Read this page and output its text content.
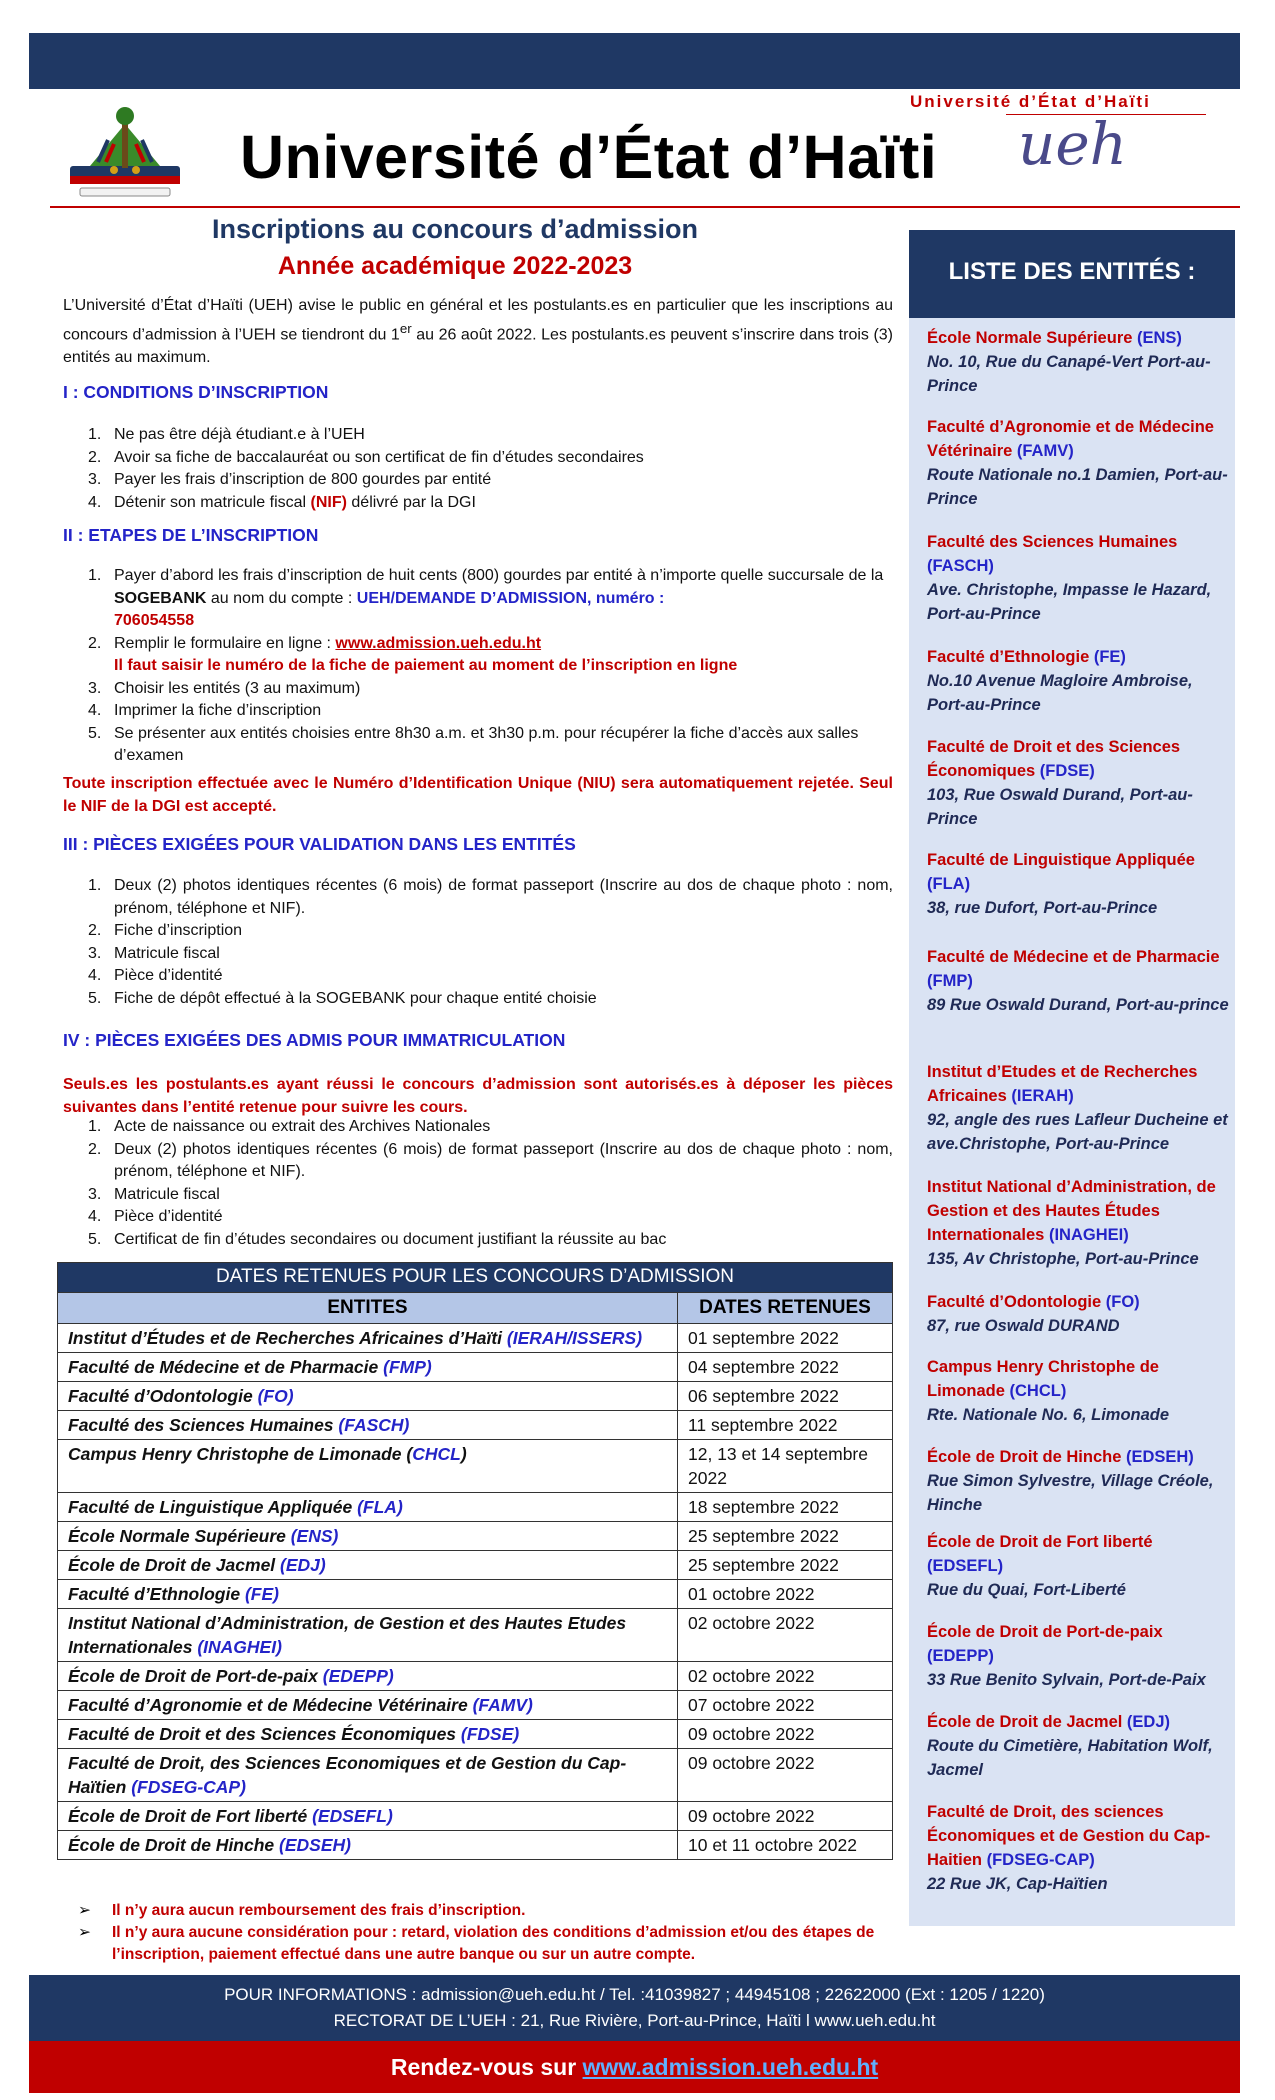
Université d’État d’Haïti
Université d’État d’Haïti
ueh
Inscriptions au concours d’admission
Année académique 2022-2023
L’Université d’État d’Haïti (UEH) avise le public en général et les postulants.es en particulier que les inscriptions au concours d’admission à l’UEH se tiendront du 1er au 26 août 2022. Les postulants.es peuvent s’inscrire dans trois (3) entités au maximum.
I : CONDITIONS D’INSCRIPTION
1. Ne pas être déjà étudiant.e à l’UEH
2. Avoir sa fiche de baccalauréat ou son certificat de fin d’études secondaires
3. Payer les frais d’inscription de 800 gourdes par entité
4. Détenir son matricule fiscal (NIF) délivré par la DGI
II : ETAPES DE L’INSCRIPTION
1. Payer d’abord les frais d’inscription de huit cents (800) gourdes par entité à n’importe quelle succursale de la SOGEBANK au nom du compte : UEH/DEMANDE D’ADMISSION, numéro :
706054558
2. Remplir le formulaire en ligne : www.admission.ueh.edu.ht
Il faut saisir le numéro de la fiche de paiement au moment de l’inscription en ligne
3. Choisir les entités (3 au maximum)
4. Imprimer la fiche d’inscription
5. Se présenter aux entités choisies entre 8h30 a.m. et 3h30 p.m. pour récupérer la fiche d’accès aux salles d’examen
Toute inscription effectuée avec le Numéro d’Identification Unique (NIU) sera automatiquement rejetée. Seul le NIF de la DGI est accepté.
III : PIÈCES EXIGÉES POUR VALIDATION DANS LES ENTITÉS
1. Deux (2) photos identiques récentes (6 mois) de format passeport (Inscrire au dos de chaque photo : nom, prénom, téléphone et NIF).
2. Fiche d’inscription
3. Matricule fiscal
4. Pièce d’identité
5. Fiche de dépôt effectué à la SOGEBANK pour chaque entité choisie
IV : PIÈCES EXIGÉES DES ADMIS POUR IMMATRICULATION
Seuls.es les postulants.es ayant réussi le concours d’admission sont autorisés.es à déposer les pièces suivantes dans l’entité retenue pour suivre les cours.
1. Acte de naissance ou extrait des Archives Nationales
2. Deux (2) photos identiques récentes (6 mois) de format passeport (Inscrire au dos de chaque photo : nom, prénom, téléphone et NIF).
3. Matricule fiscal
4. Pièce d’identité
5. Certificat de fin d’études secondaires ou document justifiant la réussite au bac
DATES RETENUES POUR LES CONCOURS D’ADMISSION	
ENTITES	DATES RETENUES
Institut d’Études et de Recherches Africaines d’Haïti (IERAH/ISSERS)	01 septembre 2022
Faculté de Médecine et de Pharmacie (FMP)	04 septembre 2022
Faculté d’Odontologie (FO)	06 septembre 2022
Faculté des Sciences Humaines (FASCH)	11 septembre 2022
Campus Henry Christophe de Limonade (CHCL)	12, 13 et 14 septembre 2022
Faculté de Linguistique Appliquée (FLA)	18 septembre 2022
École Normale Supérieure (ENS)	25 septembre 2022
École de Droit de Jacmel (EDJ)	25 septembre 2022
Faculté d’Ethnologie (FE)	01 octobre 2022
Institut National d’Administration, de Gestion et des Hautes Etudes Internationales (INAGHEI)	02 octobre 2022
École de Droit de Port-de-paix (EDEPP)	02 octobre 2022
Faculté d’Agronomie et de Médecine Vétérinaire (FAMV)	07 octobre 2022
Faculté de Droit et des Sciences Économiques (FDSE)	09 octobre 2022
Faculté de Droit, des Sciences Economiques et de Gestion du Cap-Haïtien (FDSEG-CAP)	09 octobre 2022
École de Droit de Fort liberté (EDSEFL)	09 octobre 2022
École de Droit de Hinche (EDSEH)	10 et 11 octobre 2022
➢ Il n’y aura aucun remboursement des frais d’inscription.
➢ Il n’y aura aucune considération pour : retard, violation des conditions d’admission et/ou des étapes de l’inscription, paiement effectué dans une autre banque ou sur un autre compte.
LISTE DES ENTITÉS :
École Normale Supérieure (ENS)
No. 10, Rue du Canapé-Vert Port-au-Prince
Faculté d’Agronomie et de Médecine Vétérinaire (FAMV)
Route Nationale no.1 Damien, Port-au-Prince
Faculté des Sciences Humaines (FASCH)
Ave. Christophe, Impasse le Hazard, Port-au-Prince
Faculté d’Ethnologie (FE)
No.10 Avenue Magloire Ambroise, Port-au-Prince
Faculté de Droit et des Sciences Économiques (FDSE)
103, Rue Oswald Durand, Port-au-Prince
Faculté de Linguistique Appliquée (FLA)
38, rue Dufort, Port-au-Prince
Faculté de Médecine et de Pharmacie (FMP)
89 Rue Oswald Durand, Port-au-prince
Institut d’Etudes et de Recherches Africaines (IERAH)
92, angle des rues Lafleur Ducheine et ave.Christophe, Port-au-Prince
Institut National d’Administration, de Gestion et des Hautes Études Internationales (INAGHEI)
135, Av Christophe, Port-au-Prince
Faculté d’Odontologie (FO)
87, rue Oswald DURAND
Campus Henry Christophe de Limonade (CHCL)
Rte. Nationale No. 6, Limonade
École de Droit de Hinche (EDSEH)
Rue Simon Sylvestre, Village Créole, Hinche
École de Droit de Fort liberté (EDSEFL)
Rue du Quai, Fort-Liberté
École de Droit de Port-de-paix (EDEPP)
33 Rue Benito Sylvain, Port-de-Paix
École de Droit de Jacmel (EDJ)
Route du Cimetière, Habitation Wolf, Jacmel
Faculté de Droit, des sciences Économiques et de Gestion du Cap-Haitien (FDSEG-CAP)
22 Rue JK, Cap-Haïtien
POUR INFORMATIONS : admission@ueh.edu.ht / Tel. :41039827 ; 44945108 ; 22622000 (Ext : 1205 / 1220)
RECTORAT DE L’UEH : 21, Rue Rivière, Port-au-Prince, Haïti l www.ueh.edu.ht
Rendez-vous sur www.admission.ueh.edu.ht
